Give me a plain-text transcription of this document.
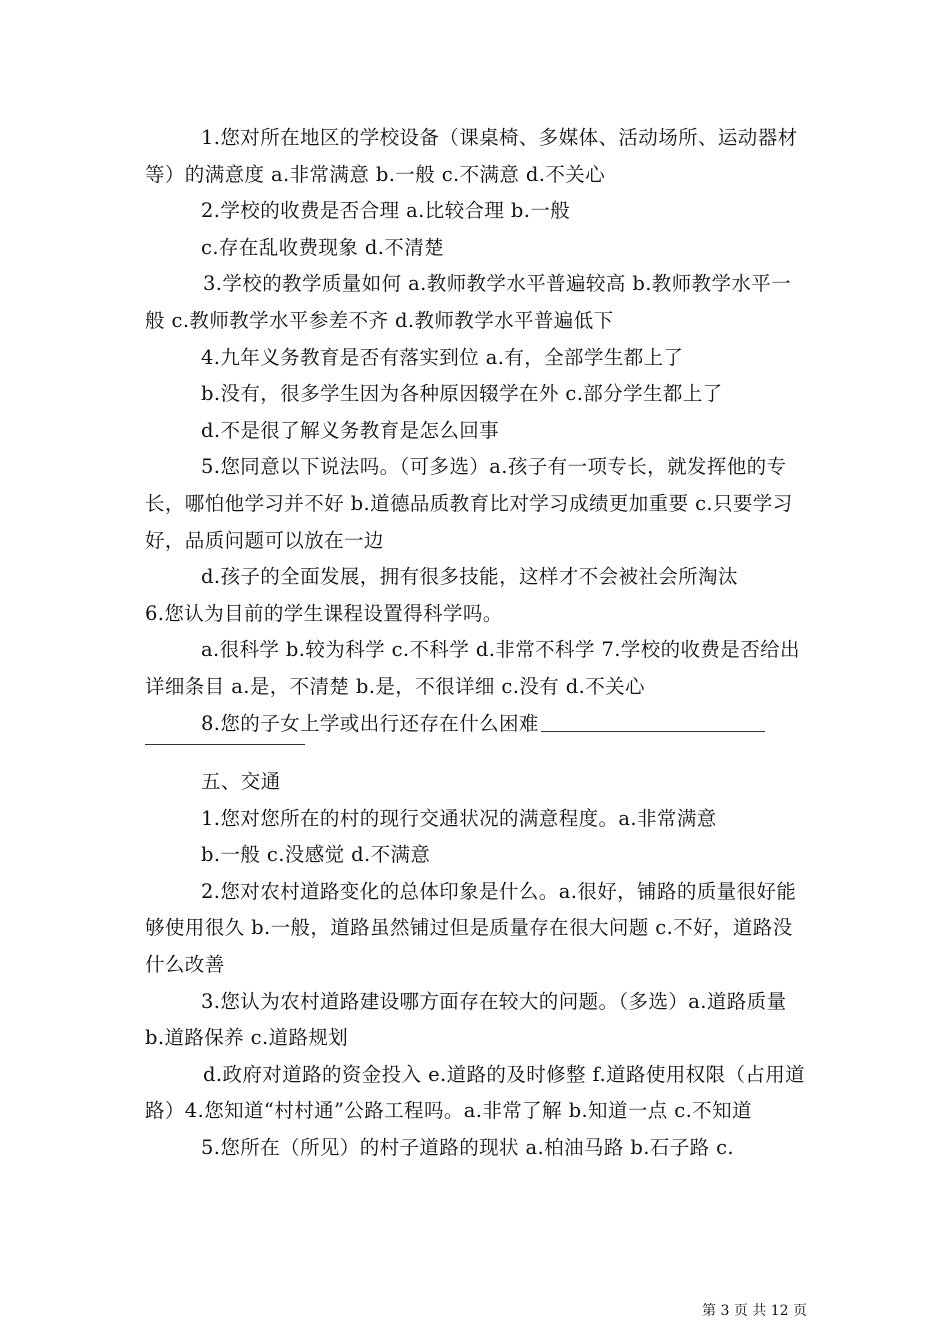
1.您对所在地区的学校设备（课桌椅、多媒体、活动场所、运动器材等）的满意度 a.非常满意 b.一般 c.不满意 d.不关心

2.学校的收费是否合理 a.比较合理 b.一般

c.存在乱收费现象 d.不清楚

3.学校的教学质量如何 a.教师教学水平普遍较高 b.教师教学水平一般 c.教师教学水平参差不齐 d.教师教学水平普遍低下

4.九年义务教育是否有落实到位 a.有，全部学生都上了

b.没有，很多学生因为各种原因辍学在外 c.部分学生都上了

d.不是很了解义务教育是怎么回事

5.您同意以下说法吗。（可多选）a.孩子有一项专长，就发挥他的专长，哪怕他学习并不好 b.道德品质教育比对学习成绩更加重要 c.只要学习好，品质问题可以放在一边

d.孩子的全面发展，拥有很多技能，这样才不会被社会所淘汰

6.您认为目前的学生课程设置得科学吗。

a.很科学 b.较为科学 c.不科学 d.非常不科学 7.学校的收费是否给出详细条目 a.是，不清楚 b.是，不很详细 c.没有 d.不关心

8.您的子女上学或出行还存在什么困难

五、交通

1.您对您所在的村的现行交通状况的满意程度。a.非常满意

b.一般 c.没感觉 d.不满意

2.您对农村道路变化的总体印象是什么。a.很好，铺路的质量很好能够使用很久 b.一般，道路虽然铺过但是质量存在很大问题 c.不好，道路没什么改善

3.您认为农村道路建设哪方面存在较大的问题。（多选）a.道路质量 b.道路保养 c.道路规划

d.政府对道路的资金投入 e.道路的及时修整 f.道路使用权限（占用道路）4.您知道“村村通”公路工程吗。a.非常了解 b.知道一点 c.不知道

5.您所在（所见）的村子道路的现状 a.柏油马路 b.石子路 c.

第 3 页 共 12 页
